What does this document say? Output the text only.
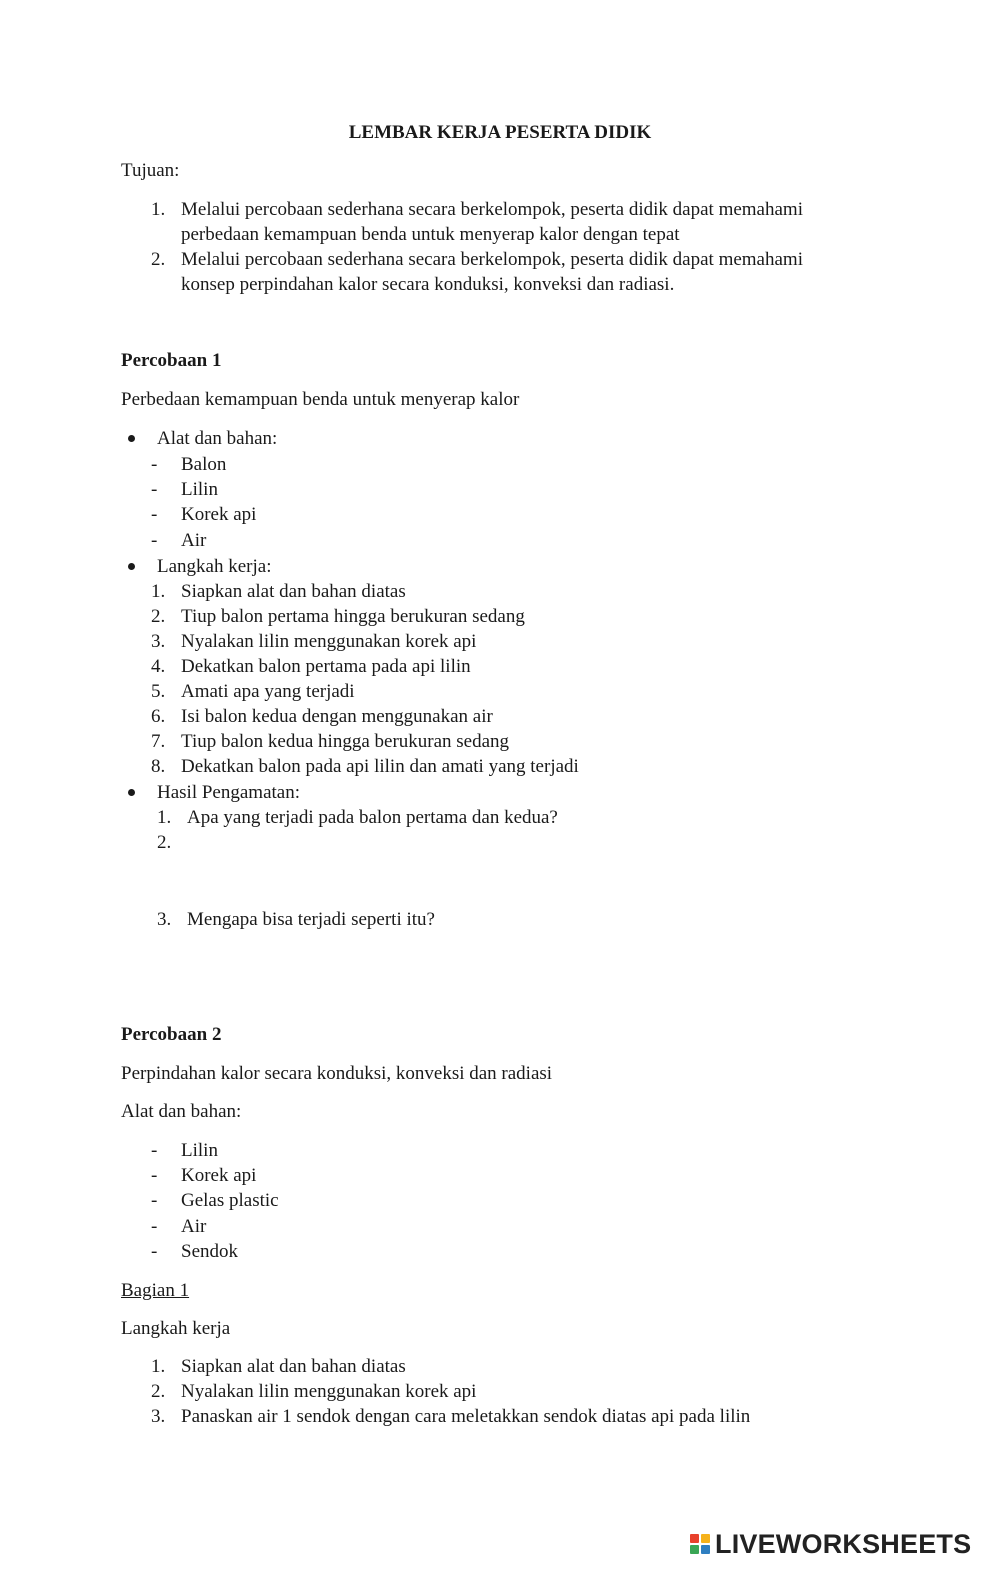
LEMBAR KERJA PESERTA DIDIK
Tujuan:
1. Melalui percobaan sederhana secara berkelompok, peserta didik dapat memahami
perbedaan kemampuan benda untuk menyerap kalor dengan tepat
2. Melalui percobaan sederhana secara berkelompok, peserta didik dapat memahami
konsep perpindahan kalor secara konduksi, konveksi dan radiasi.
Percobaan 1
Perbedaan kemampuan benda untuk menyerap kalor
Alat dan bahan:
- Balon
- Lilin
- Korek api
- Air
Langkah kerja:
1. Siapkan alat dan bahan diatas
2. Tiup balon pertama hingga berukuran sedang
3. Nyalakan lilin menggunakan korek api
4. Dekatkan balon pertama pada api lilin
5. Amati apa yang terjadi
6. Isi balon kedua dengan menggunakan air
7. Tiup balon kedua hingga berukuran sedang
8. Dekatkan balon pada api lilin dan amati yang terjadi
Hasil Pengamatan:
1. Apa yang terjadi pada balon pertama dan kedua?
2.
3. Mengapa bisa terjadi seperti itu?
Percobaan 2
Perpindahan kalor secara konduksi, konveksi dan radiasi
Alat dan bahan:
- Lilin
- Korek api
- Gelas plastic
- Air
- Sendok
Bagian 1
Langkah kerja
1. Siapkan alat dan bahan diatas
2. Nyalakan lilin menggunakan korek api
3. Panaskan air 1 sendok dengan cara meletakkan sendok diatas api pada lilin
LIVEWORKSHEETS
